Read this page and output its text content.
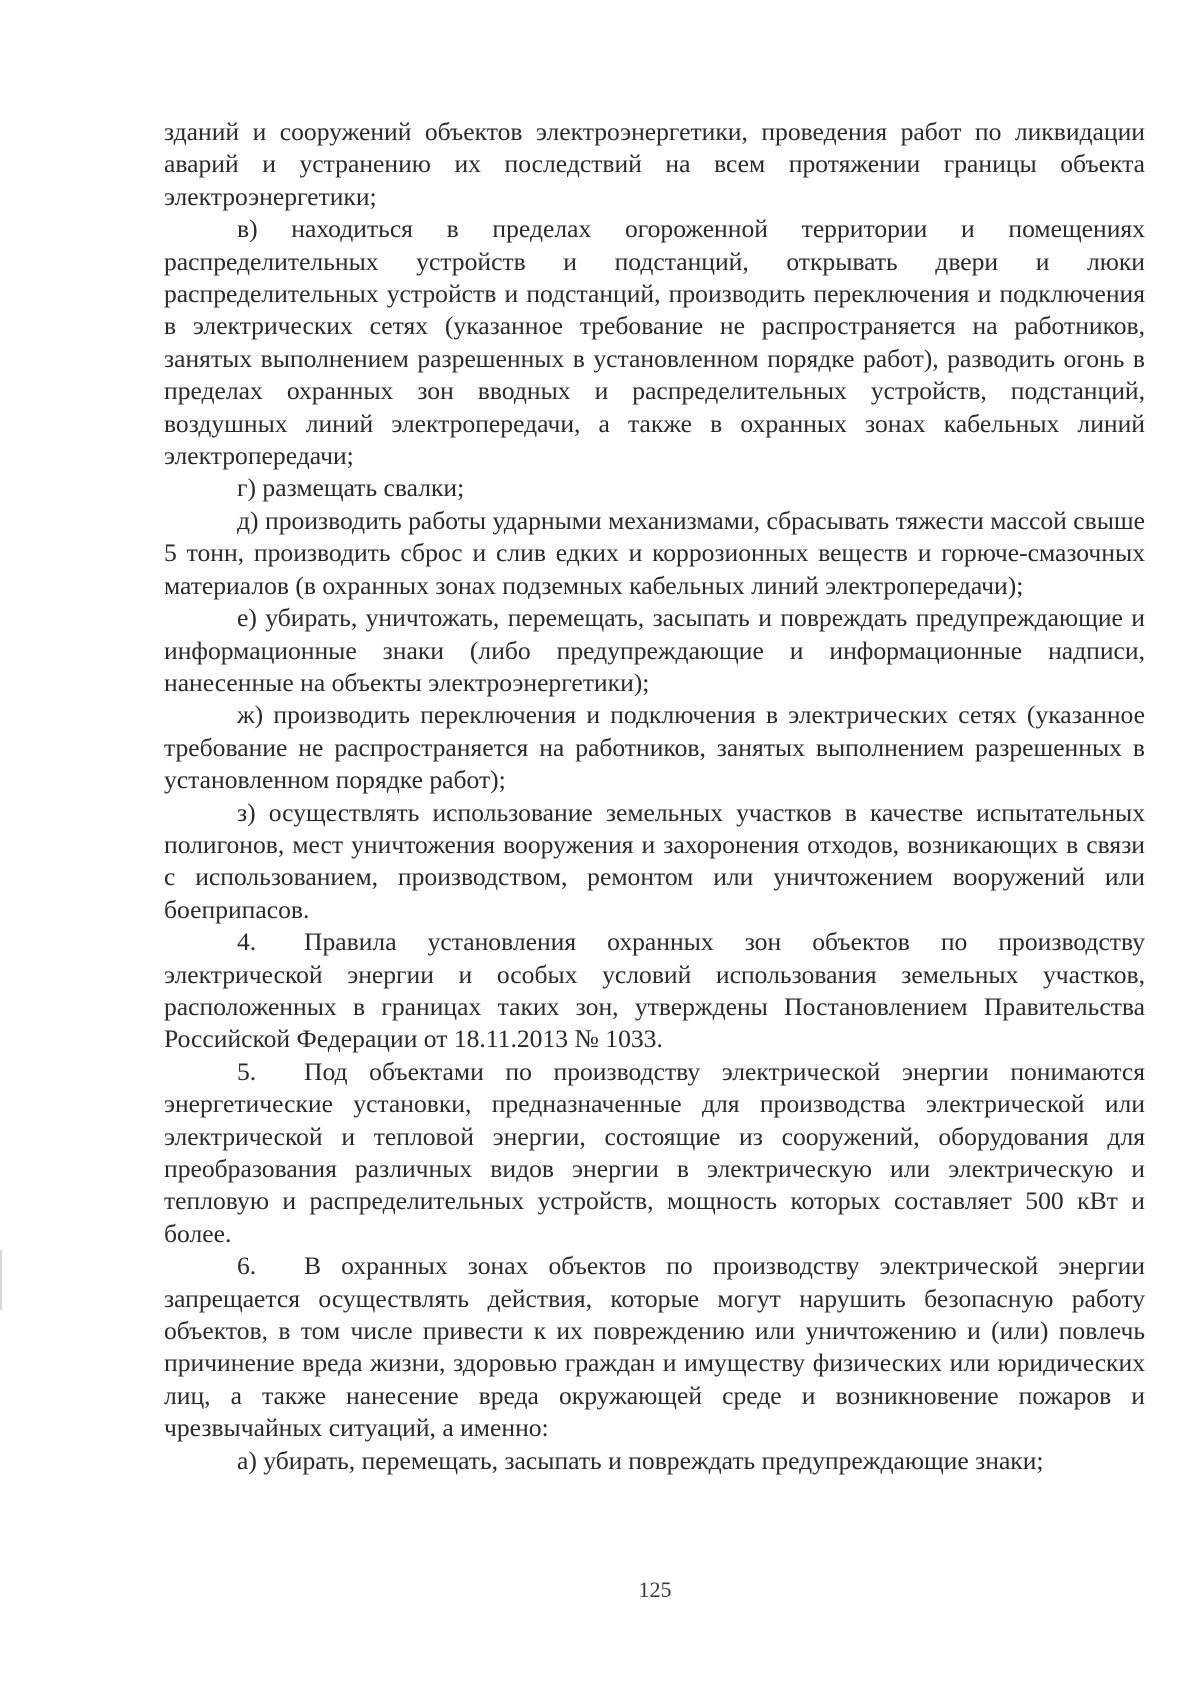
зданий и сооружений объектов электроэнергетики, проведения работ по ликвидации аварий и устранению их последствий на всем протяжении границы объекта электроэнергетики;

в) находиться в пределах огороженной территории и помещениях распределительных устройств и подстанций, открывать двери и люки распределительных устройств и подстанций, производить переключения и подключения в электрических сетях (указанное требование не распространяется на работников, занятых выполнением разрешенных в установленном порядке работ), разводить огонь в пределах охранных зон вводных и распределительных устройств, подстанций, воздушных линий электропередачи, а также в охранных зонах кабельных линий электропередачи;

г) размещать свалки;

д) производить работы ударными механизмами, сбрасывать тяжести массой свыше 5 тонн, производить сброс и слив едких и коррозионных веществ и горюче-смазочных материалов (в охранных зонах подземных кабельных линий электропередачи);

е) убирать, уничтожать, перемещать, засыпать и повреждать предупреждающие и информационные знаки (либо предупреждающие и информационные надписи, нанесенные на объекты электроэнергетики);

ж) производить переключения и подключения в электрических сетях (указанное требование не распространяется на работников, занятых выполнением разрешенных в установленном порядке работ);

з) осуществлять использование земельных участков в качестве испытательных полигонов, мест уничтожения вооружения и захоронения отходов, возникающих в связи с использованием, производством, ремонтом или уничтожением вооружений или боеприпасов.

4. Правила установления охранных зон объектов по производству электрической энергии и особых условий использования земельных участков, расположенных в границах таких зон, утверждены Постановлением Правительства Российской Федерации от 18.11.2013 № 1033.

5. Под объектами по производству электрической энергии понимаются энергетические установки, предназначенные для производства электрической или электрической и тепловой энергии, состоящие из сооружений, оборудования для преобразования различных видов энергии в электрическую или электрическую и тепловую и распределительных устройств, мощность которых составляет 500 кВт и более.

6. В охранных зонах объектов по производству электрической энергии запрещается осуществлять действия, которые могут нарушить безопасную работу объектов, в том числе привести к их повреждению или уничтожению и (или) повлечь причинение вреда жизни, здоровью граждан и имуществу физических или юридических лиц, а также нанесение вреда окружающей среде и возникновение пожаров и чрезвычайных ситуаций, а именно:

а) убирать, перемещать, засыпать и повреждать предупреждающие знаки;

125
